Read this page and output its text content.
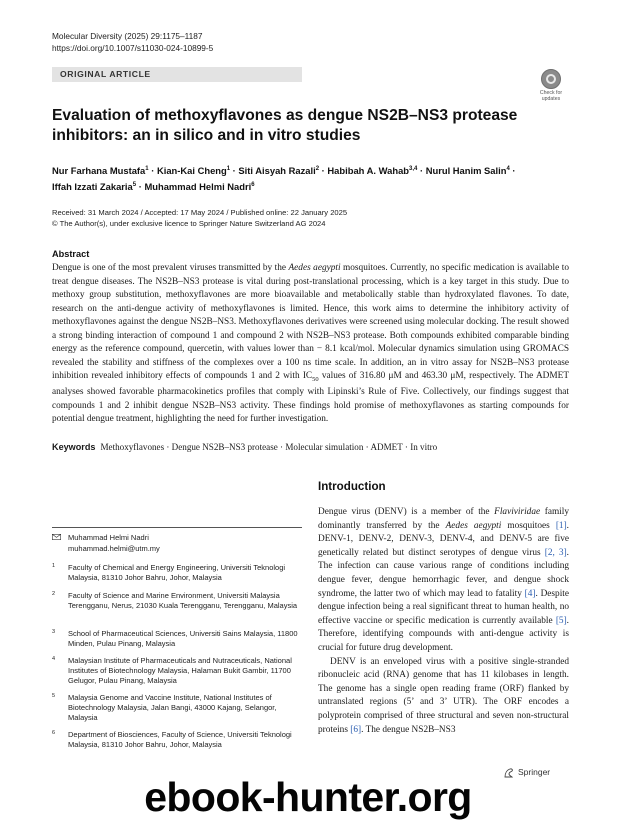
Molecular Diversity (2025) 29:1175–1187
https://doi.org/10.1007/s11030-024-10899-5
ORIGINAL ARTICLE
Check for
updates
Evaluation of methoxyflavones as dengue NS2B–NS3 protease
inhibitors: an in silico and in vitro studies
Nur Farhana Mustafa$^1$ · Kian-Kai Cheng$^1$ · Siti Aisyah Razali$^2$ · Habibah A. Wahab$^{3,4}$ · Nurul Hanim Salin$^4$ ·
Iffah Izzati Zakaria$^5$ · Muhammad Helmi Nadri$^6$
Received: 31 March 2024 / Accepted: 17 May 2024 / Published online: 22 January 2025
© The Author(s), under exclusive licence to Springer Nature Switzerland AG 2024
Abstract
Dengue is one of the most prevalent viruses transmitted by the Aedes aegypti mosquitoes. Currently, no specific medication is available to treat dengue diseases. The NS2B–NS3 protease is vital during post-translational processing, which is a key target in this study. Due to methoxy group substitution, methoxyflavones are more bioavailable and metabolically stable than hydroxylated flavones. To date, research on the anti-dengue activity of methoxyflavones is limited. Hence, this work aims to determine the inhibitory activity of methoxyflavones against the dengue NS2B–NS3. Methoxyflavones derivatives were screened using molecular docking. The result showed a strong binding interaction of compound 1 and compound 2 with NS2B–NS3 protease. Both compounds exhibited comparable binding energy as the reference compound, quercetin, with values lower than − 8.1 kcal/mol. Molecular dynamics simulation using GROMACS revealed the stability and stiffness of the complexes over a 100 ns time scale. In addition, an in vitro assay for NS2B–NS3 protease inhibition revealed inhibitory effects of compounds 1 and 2 with $IC_{50}$ values of 316.80 μM and 463.30 μM, respectively. The ADMET analyses showed favorable pharmacokinetics profiles that comply with Lipinski’s Rule of Five. Collectively, our findings suggest that compounds 1 and 2 inhibit dengue NS2B–NS3 activity. These findings hold promise of methoxyflavones as starting compounds for potential dengue treatment, highlighting the need for further investigation.
Keywords Methoxyflavones · Dengue NS2B–NS3 protease · Molecular simulation · ADMET · In vitro
Muhammad Helmi Nadri
muhammad.helmi@utm.my
1 Faculty of Chemical and Energy Engineering, Universiti Teknologi Malaysia, 81310 Johor Bahru, Johor, Malaysia
2 Faculty of Science and Marine Environment, Universiti Malaysia Terengganu, Nerus, 21030 Kuala Terengganu, Terengganu, Malaysia
3 School of Pharmaceutical Sciences, Universiti Sains Malaysia, 11800 Minden, Pulau Pinang, Malaysia
4 Malaysian Institute of Pharmaceuticals and Nutraceuticals, National Institutes of Biotechnology Malaysia, Halaman Bukit Gambir, 11700 Gelugor, Pulau Pinang, Malaysia
5 Malaysia Genome and Vaccine Institute, National Institutes of Biotechnology Malaysia, Jalan Bangi, 43000 Kajang, Selangor, Malaysia
6 Department of Biosciences, Faculty of Science, Universiti Teknologi Malaysia, 81310 Johor Bahru, Johor, Malaysia
Introduction

Dengue virus (DENV) is a member of the Flaviviridae family dominantly transferred by the Aedes aegypti mosquitoes [1]. DENV-1, DENV-2, DENV-3, DENV-4, and DENV-5 are five genetically related but distinct serotypes of dengue virus [2, 3]. The infection can cause various range of conditions including dengue fever, dengue hemorrhagic fever, and dengue shock syndrome, the latter two of which may lead to fatality [4]. Despite dengue infection being a real significant threat to human health, no effective vaccine or specific medication is currently available [5]. Therefore, identifying compounds with anti-dengue activity is crucial for future drug development.

DENV is an enveloped virus with a positive single-stranded ribonucleic acid (RNA) genome that has 11 kilobases in length. The genome has a single open reading frame (ORF) flanked by untranslated regions (5’ and 3’ UTR). The ORF encodes a polyprotein comprised of three structural and seven non-structural proteins [6]. The dengue NS2B–NS3

Springer
ebook-hunter.org
